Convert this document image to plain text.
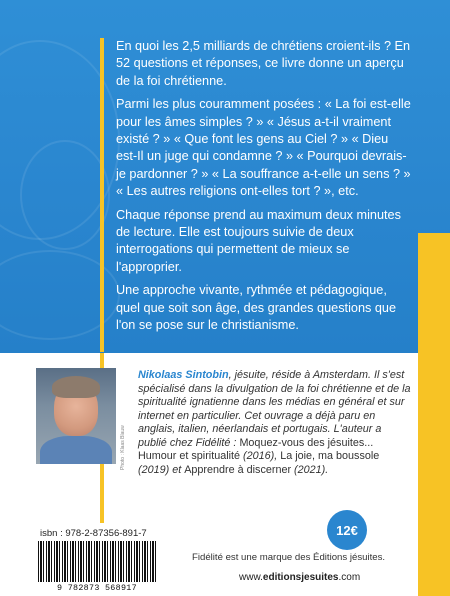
En quoi les 2,5 milliards de chrétiens croient-ils ? En 52 questions et réponses, ce livre donne un aperçu de la foi chrétienne.

Parmi les plus couramment posées : « La foi est-elle pour les âmes simples ? » « Jésus a-t-il vraiment existé ? » « Que font les gens au Ciel ? » « Dieu est-Il un juge qui condamne ? » « Pourquoi devrais-je pardonner ? » « La souffrance a-t-elle un sens ? » « Les autres religions ont-elles tort ? », etc.

Chaque réponse prend au maximum deux minutes de lecture. Elle est toujours suivie de deux interrogations qui permettent de mieux se l'approprier.

Une approche vivante, rythmée et pédagogique, quel que soit son âge, des grandes questions que l'on se pose sur le christianisme.

Photo : Klaas Blauw
Nikolaas Sintobin, jésuite, réside à Amsterdam. Il s'est spécialisé dans la divulgation de la foi chrétienne et de la spiritualité ignatienne dans les médias en général et sur internet en particulier. Cet ouvrage a déjà paru en anglais, italien, néerlandais et portugais. L'auteur a publié chez Fidélité : Moquez-vous des jésuites... Humour et spiritualité (2016), La joie, ma boussole (2019) et Apprendre à discerner (2021).
isbn : 978-2-87356-891-7
9 782873 568917
12€
Fidélité est une marque des Éditions jésuites.
www.editionsjesuites.com
